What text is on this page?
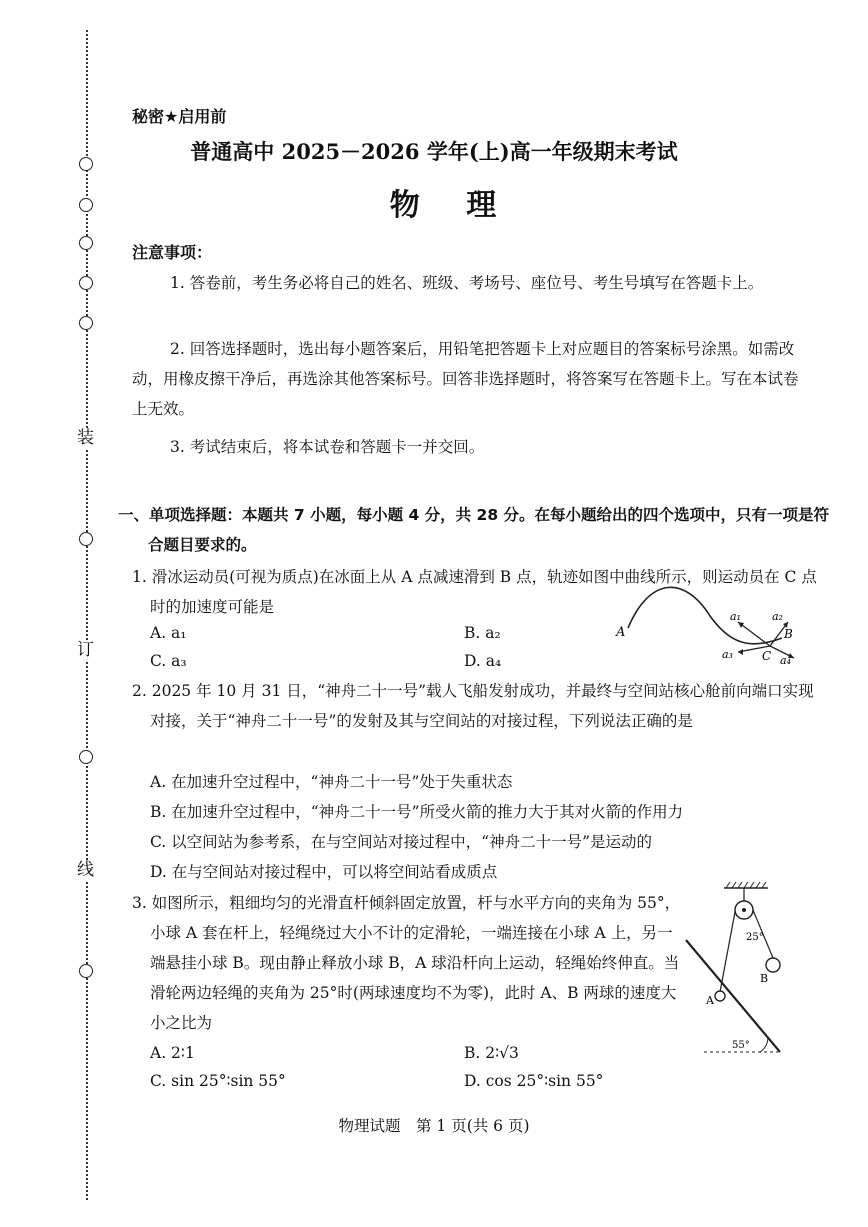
装
订
线
秘密★启用前
普通高中 2025－2026 学年(上)高一年级期末考试
物 理
注意事项：
1. 答卷前，考生务必将自己的姓名、班级、考场号、座位号、考生号填写在答题卡上。
2. 回答选择题时，选出每小题答案后，用铅笔把答题卡上对应题目的答案标号涂黑。如需改动，用橡皮擦干净后，再选涂其他答案标号。回答非选择题时，将答案写在答题卡上。写在本试卷上无效。
3. 考试结束后，将本试卷和答题卡一并交回。
一、单项选择题：本题共 7 小题，每小题 4 分，共 28 分。在每小题给出的四个选项中，只有一项是符合题目要求的。
1. 滑冰运动员(可视为质点)在冰面上从 A 点减速滑到 B 点，轨迹如图中曲线所示，则运动员在 C 点时的加速度可能是
A. a₁	B. a₂
C. a₃	D. a₄
A	B
C
a₁	a₂
a₃	a₄
2. 2025 年 10 月 31 日，“神舟二十一号”载人飞船发射成功，并最终与空间站核心舱前向端口实现对接，关于“神舟二十一号”的发射及其与空间站的对接过程，下列说法正确的是
A. 在加速升空过程中，“神舟二十一号”处于失重状态
B. 在加速升空过程中，“神舟二十一号”所受火箭的推力大于其对火箭的作用力
C. 以空间站为参考系，在与空间站对接过程中，“神舟二十一号”是运动的
D. 在与空间站对接过程中，可以将空间站看成质点
3. 如图所示，粗细均匀的光滑直杆倾斜固定放置，杆与水平方向的夹角为 55°，小球 A 套在杆上，轻绳绕过大小不计的定滑轮，一端连接在小球 A 上，另一端悬挂小球 B。现由静止释放小球 B，A 球沿杆向上运动，轻绳始终伸直。当滑轮两边轻绳的夹角为 25°时(两球速度均不为零)，此时 A、B 两球的速度大小之比为
A. 2∶1	B. 2∶√3
C. sin 25°∶sin 55°	D. cos 25°∶sin 55°
B
A
25°
55°
物理试题　第 1 页(共 6 页)
